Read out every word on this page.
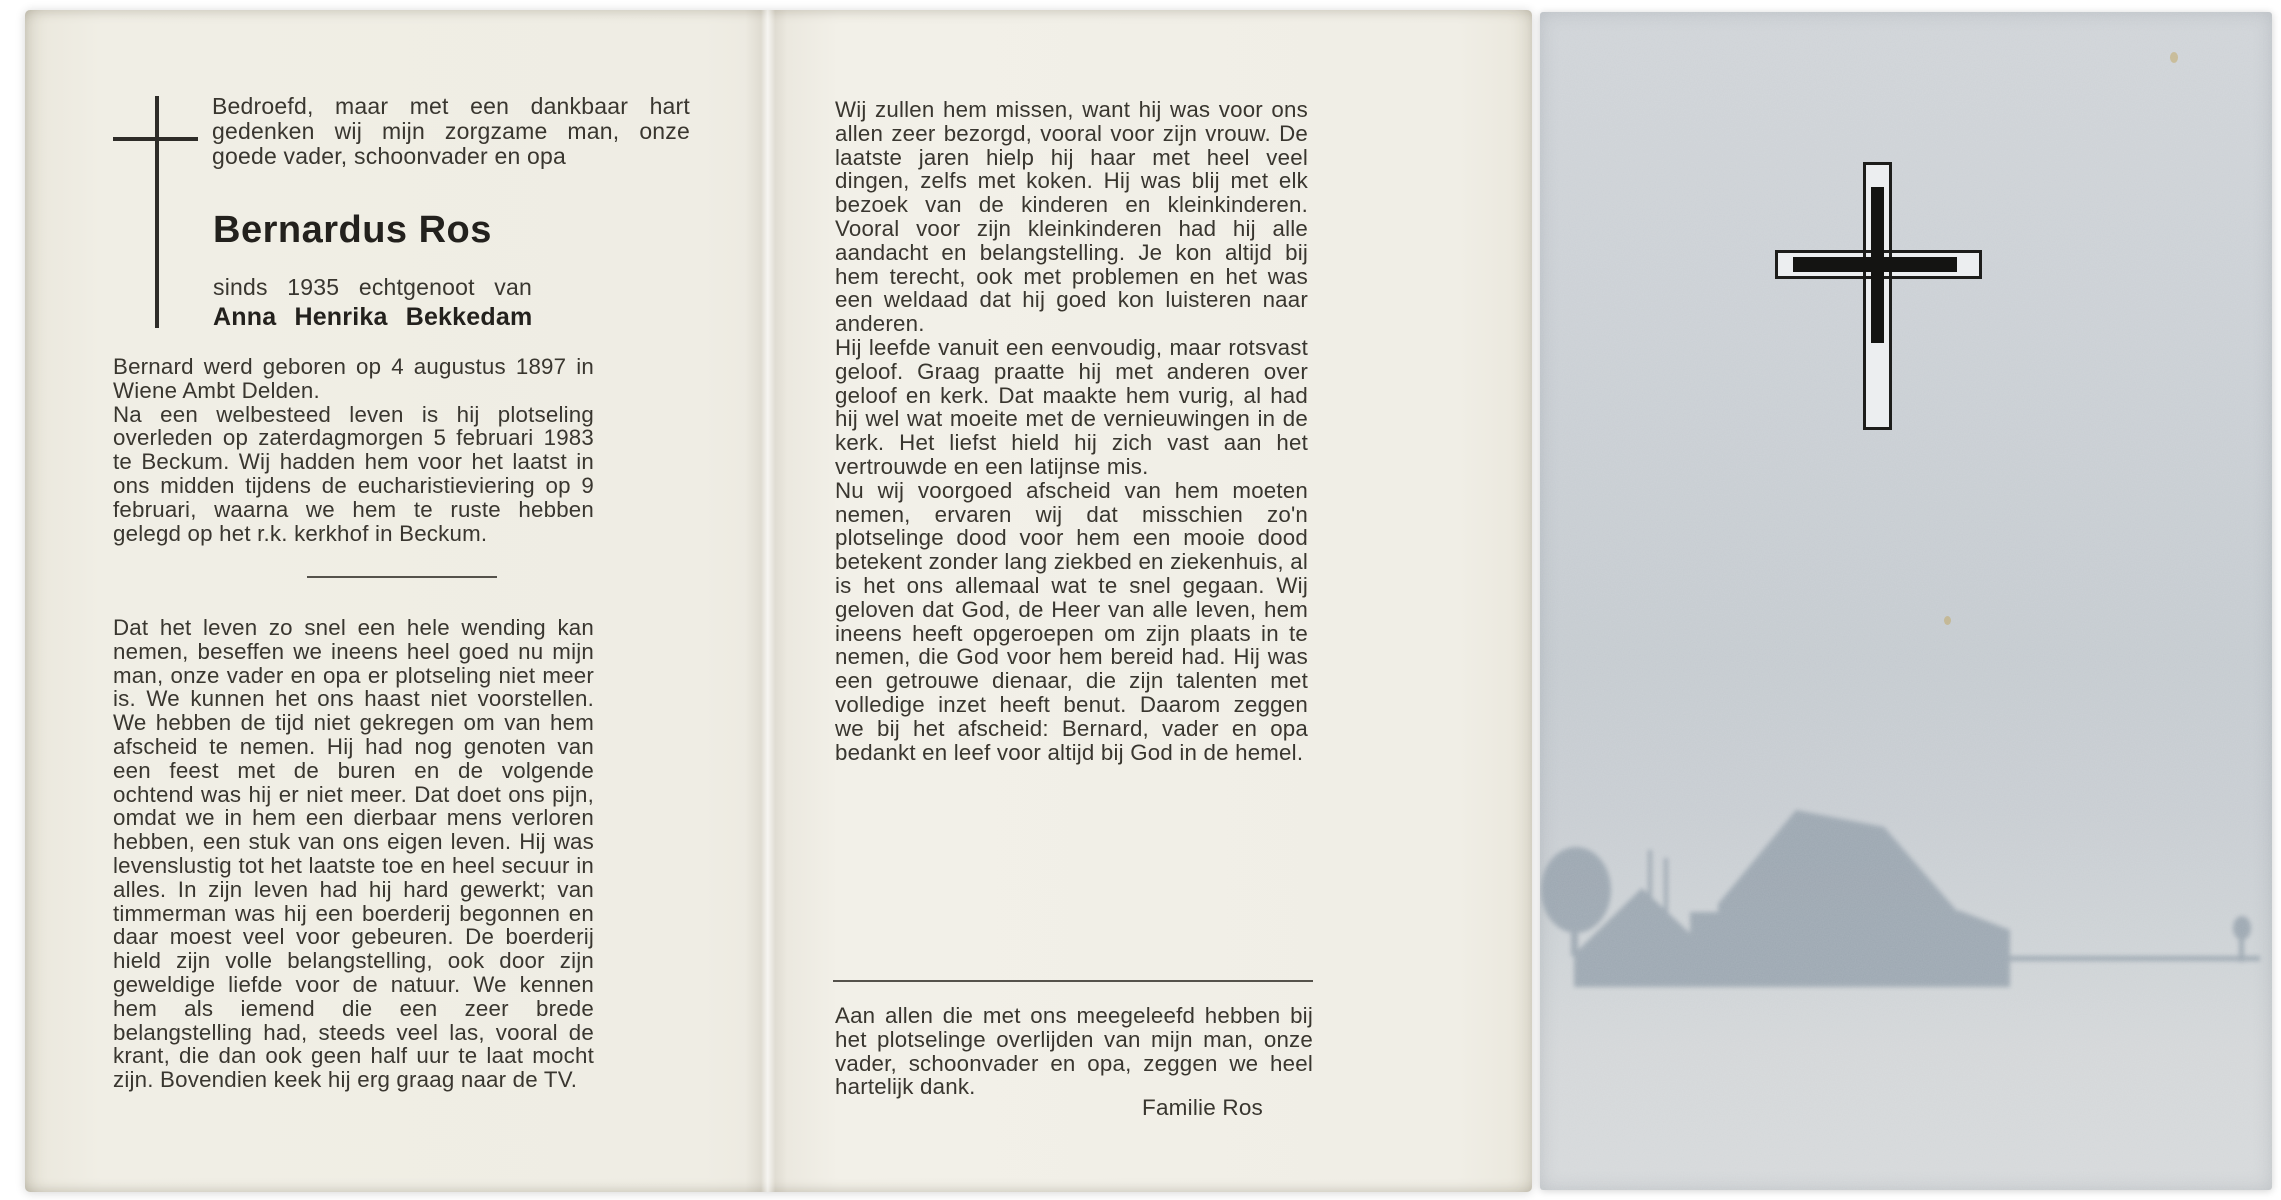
Bedroefd, maar met een dankbaar hart gedenken wij mijn zorgzame man, onze goede vader, schoonvader en opa
Bernardus Ros
sinds 1935 echtgenoot van
Anna Henrika Bekkedam

Bernard werd geboren op 4 augustus 1897 in Wiene Ambt Delden.

Na een welbesteed leven is hij plotseling overleden op zaterdagmorgen 5 februari 1983 te Beckum. Wij hadden hem voor het laatst in ons midden tijdens de eucharistieviering op 9 februari, waarna we hem te ruste hebben gelegd op het r.k. kerkhof in Beckum.

Dat het leven zo snel een hele wending kan nemen, beseffen we ineens heel goed nu mijn man, onze vader en opa er plotseling niet meer is. We kunnen het ons haast niet voorstellen. We hebben de tijd niet gekregen om van hem afscheid te nemen. Hij had nog genoten van een feest met de buren en de volgende ochtend was hij er niet meer. Dat doet ons pijn, omdat we in hem een dierbaar mens verloren hebben, een stuk van ons eigen leven. Hij was levenslustig tot het laatste toe en heel secuur in alles. In zijn leven had hij hard gewerkt; van timmerman was hij een boerderij begonnen en daar moest veel voor gebeuren. De boerderij hield zijn volle belangstelling, ook door zijn geweldige liefde voor de natuur. We kennen hem als iemend die een zeer brede belangstelling had, steeds veel las, vooral de krant, die dan ook geen half uur te laat mocht zijn. Bovendien keek hij erg graag naar de TV.

Wij zullen hem missen, want hij was voor ons allen zeer bezorgd, vooral voor zijn vrouw. De laatste jaren hielp hij haar met heel veel dingen, zelfs met koken. Hij was blij met elk bezoek van de kinderen en kleinkinderen. Vooral voor zijn kleinkinderen had hij alle aandacht en belangstelling. Je kon altijd bij hem terecht, ook met problemen en het was een weldaad dat hij goed kon luisteren naar anderen.

Hij leefde vanuit een eenvoudig, maar rotsvast geloof. Graag praatte hij met anderen over geloof en kerk. Dat maakte hem vurig, al had hij wel wat moeite met de vernieuwingen in de kerk. Het liefst hield hij zich vast aan het vertrouwde en een latijnse mis.

Nu wij voorgoed afscheid van hem moeten nemen, ervaren wij dat misschien zo'n plotselinge dood voor hem een mooie dood betekent zonder lang ziekbed en ziekenhuis, al is het ons allemaal wat te snel gegaan. Wij geloven dat God, de Heer van alle leven, hem ineens heeft opgeroepen om zijn plaats in te nemen, die God voor hem bereid had. Hij was een getrouwe dienaar, die zijn talenten met volledige inzet heeft benut. Daarom zeggen we bij het afscheid: Bernard, vader en opa bedankt en leef voor altijd bij God in de hemel.

Aan allen die met ons meegeleefd hebben bij het plotselinge overlijden van mijn man, onze vader, schoonvader en opa, zeggen we heel hartelijk dank.
Familie Ros
